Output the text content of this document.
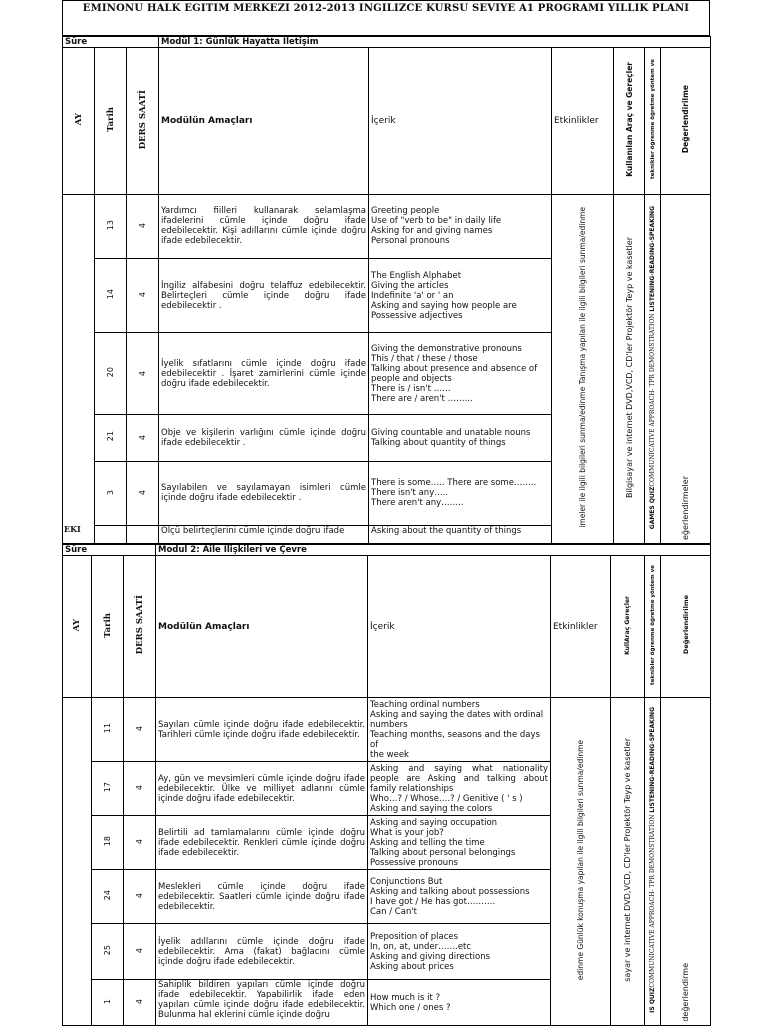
EMINONU HALK EGITIM MERKEZI 2012-2013 INGILIZCE KURSU SEVIYE A1 PROGRAMI YILLIK PLANI
Süre			Modül 1: Günlük Hayatta İletişim					
AY	Tarih	DERS SAATİ	Modülün Amaçları	İçerik	Etkinlikler	Kullanılan Araç ve Gereçler	teknikler öğrenme öğretme yöntem ve	Değerlendirilme
	13	4	Yardımcı fiilleri kullanarak selamlaşma ifadelerini cümle içinde doğru ifade edebilecektir. Kişi adıllarını cümle içinde doğru ifade edebilecektir.	Greeting people
Use of "verb to be" in daily life
Asking for and giving names
Personal pronouns	imeler ile ilgili bilgileri sunma/edinme Tanışma yapılan ile ilgili bilgileri sunma/edinme	Bilgisayar ve internet DVD,VCD, CD'ler Projektör Teyp ve kasetler	GAMES QUIZCOMMUNICATIVE APPROACH- TPR DEMONSTRATION LISTENING-READING-SPEAKING	eğerlendirmeler
	14	4	İngiliz alfabesini doğru telaffuz edebilecektir. Belirteçleri cümle içinde doğru ifade edebilecektir .	The English Alphabet
Giving the articles
Indefinite 'a' or ' an
Asking and saying how people are
Possessive adjectives				

	20	4	İyelik sıfatlarını cümle içinde doğru ifade edebilecektir . İşaret zamirlerini cümle içinde doğru ifade edebilecektir.	Giving the demonstrative pronouns
This / that / these / those
Talking about presence and absence of people and objects
There is / isn't ……
There are / aren't ……...				

	21	4	Obje ve kişilerin varlığını cümle içinde doğru ifade edebilecektir .	Giving countable and unatable nouns
Talking about quantity of things				

	3	4	Sayılabilen ve sayılamayan isimleri cümle içinde doğru ifade edebilecektir .	There is some….. There are some……..
There isn't any…..
There aren't any……..				

			Ölçü belirteçlerini cümle içinde doğru ifade	Asking about the quantity of things				
EKI
Süre			Modul 2: Aile İlişkileri ve Çevre					
AY	Tarih	DERS SAATİ	Modülün Amaçları	İçerik	Etkinlikler	KullAraç Gereçler	teknikler öğrenme öğretme yöntem ve	Değerlendirilme
	11	4	Sayıları cümle içinde doğru ifade edebilecektir. Tarihleri cümle içinde doğru ifade edebilecektir.	Teaching ordinal numbers
Asking and saying the dates with ordinal numbers
Teaching months, seasons and the days of
the week	edinme Günlük konuşma yapılan ile ilgili bilgileri sunma/edinme	sayar ve internet DVD,VCD, CD'ler Projektör Teyp ve kasetler	IS QUIZCOMMUNICATIVE APPROACH- TPR DEMONSTRATION LISTENING-READING-SPEAKING	değerlendirme
	17	4	Ay, gün ve mevsimleri cümle içinde doğru ifade edebilecektir. Ülke ve milliyet adlarını cümle içinde doğru ifade edebilecektir.	Asking and saying what nationality people are Asking and talking about family relationships
Who…? / Whose….? / Genitive ( ' s )
Asking and saying the colors				

	18	4	Belirtili ad tamlamalarını cümle içinde doğru ifade edebilecektir. Renkleri cümle içinde doğru ifade edebilecektir.	Asking and saying occupation
What is your job?
Asking and telling the time
Talking about personal belongings
Possessive pronouns				

	24	4	Meslekleri cümle içinde doğru ifade edebilecektir. Saatleri cümle içinde doğru ifade edebilecektir.	Conjunctions But
Asking and talking about possessions
I have got / He has got……….
Can / Can't				

	25	4	İyelik adıllarını cümle içinde doğru ifade edebilecektir. Ama (fakat) bağlacını cümle içinde doğru ifade edebilecektir.	Preposition of places
In, on, at, under…….etc
Asking and giving directions
Asking about prices				

	1	4	Sahiplik bildiren yapıları cümle içinde doğru ifade edebilecektir. Yapabilirlik ifade eden yapıları cümle içinde doğru ifade edebilecektir. Bulunma hal eklerini cümle içinde doğru	How much is it ?
Which one / ones ?				
